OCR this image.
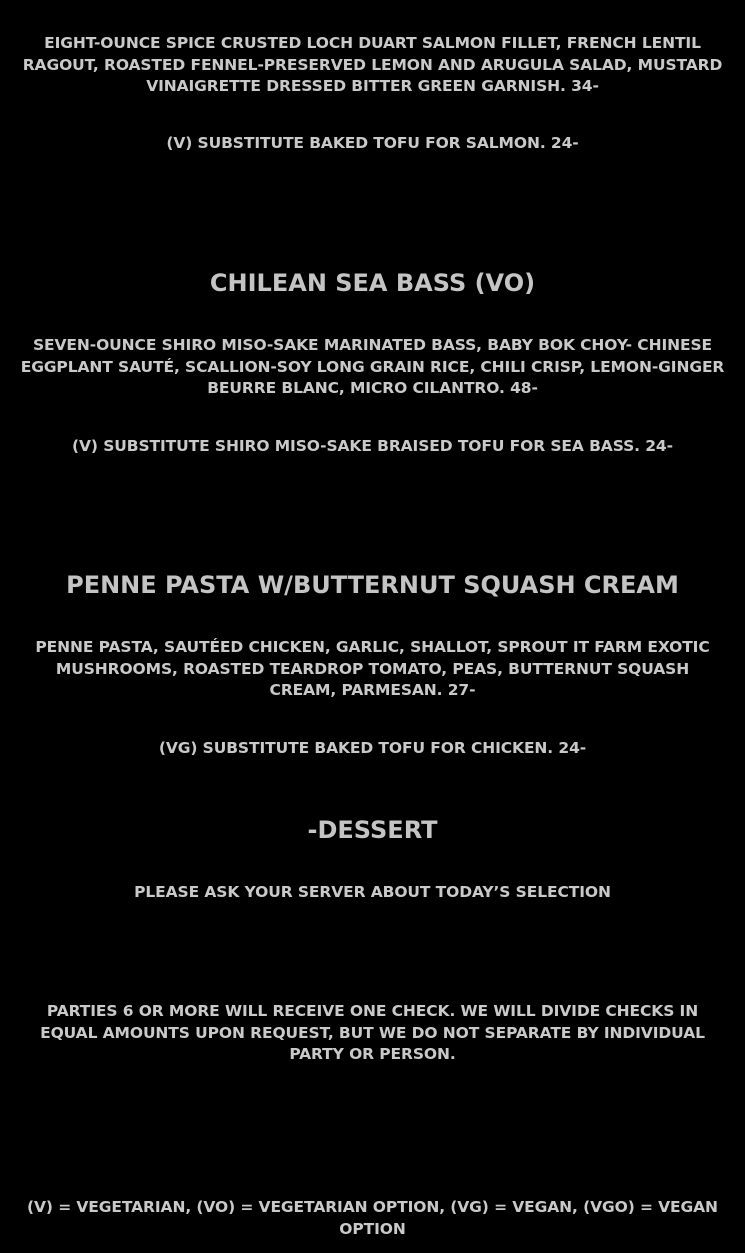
EIGHT-OUNCE SPICE CRUSTED LOCH DUART SALMON FILLET, FRENCH LENTIL RAGOUT, ROASTED FENNEL-PRESERVED LEMON AND ARUGULA SALAD, MUSTARD VINAIGRETTE DRESSED BITTER GREEN GARNISH. 34-
(V) SUBSTITUTE BAKED TOFU FOR SALMON. 24-
CHILEAN SEA BASS (VO)
SEVEN-OUNCE SHIRO MISO-SAKE MARINATED BASS, BABY BOK CHOY- CHINESE EGGPLANT SAUTÉ, SCALLION-SOY LONG GRAIN RICE, CHILI CRISP, LEMON-GINGER BEURRE BLANC, MICRO CILANTRO. 48-
(V) SUBSTITUTE SHIRO MISO-SAKE BRAISED TOFU FOR SEA BASS. 24-
PENNE PASTA W/BUTTERNUT SQUASH CREAM
PENNE PASTA, SAUTÉED CHICKEN, GARLIC, SHALLOT, SPROUT IT FARM EXOTIC MUSHROOMS, ROASTED TEARDROP TOMATO, PEAS, BUTTERNUT SQUASH CREAM, PARMESAN. 27-
(VG) SUBSTITUTE BAKED TOFU FOR CHICKEN. 24-
-DESSERT
PLEASE ASK YOUR SERVER ABOUT TODAY’S SELECTION
PARTIES 6 OR MORE WILL RECEIVE ONE CHECK. WE WILL DIVIDE CHECKS IN EQUAL AMOUNTS UPON REQUEST, BUT WE DO NOT SEPARATE BY INDIVIDUAL PARTY OR PERSON.
(V) = VEGETARIAN, (VO) = VEGETARIAN OPTION, (VG) = VEGAN, (VGO) = VEGAN OPTION
